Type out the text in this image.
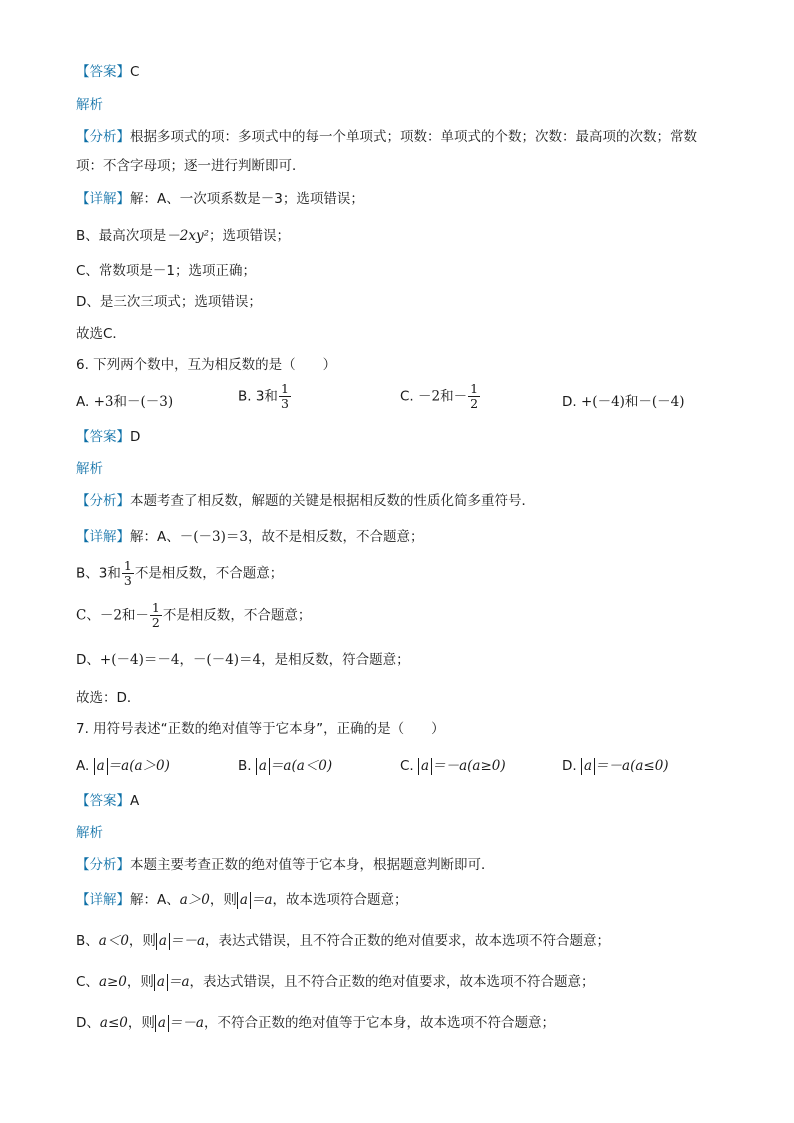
【答案】C
解析
【分析】根据多项式的项：多项式中的每一个单项式；项数：单项式的个数；次数：最高项的次数；常数
项：不含字母项；逐一进行判断即可．
【详解】解：A、一次项系数是－3；选项错误；
B、最高次项是－2xy²；选项错误；
C、常数项是－1；选项正确；
D、是三次三项式；选项错误；
故选C．
6. 下列两个数中，互为相反数的是（　　）
A. +3和－(－3)	B. 3和 $\frac{1}{3}$	C. －2和－ $\frac{1}{2}$	D. +(－4)和－(－4)
【答案】D
解析
【分析】本题考查了相反数，解题的关键是根据相反数的性质化简多重符号．
【详解】解：A、－(－3)＝3，故不是相反数，不合题意；
B、3和 $\frac{1}{3}$ 不是相反数，不合题意；
C、－2和－ $\frac{1}{2}$ 不是相反数，不合题意；
D、+(－4)＝－4，－(－4)＝4，是相反数，符合题意；
故选：D．
7. 用符号表述“正数的绝对值等于它本身”，正确的是（　　）
A. a ＝a(a＞0)	B. a ＝a(a＜0)	C. a ＝－a(a≥0)	D. a ＝－a(a≤0)
【答案】A
解析
【分析】本题主要考查正数的绝对值等于它本身，根据题意判断即可．
【详解】解：A、a＞0，则 a ＝a，故本选项符合题意；
B、a＜0，则 a ＝－a，表达式错误，且不符合正数的绝对值要求，故本选项不符合题意；
C、a≥0，则 a ＝a，表达式错误，且不符合正数的绝对值要求，故本选项不符合题意；
D、a≤0，则 a ＝－a，不符合正数的绝对值等于它本身，故本选项不符合题意；
